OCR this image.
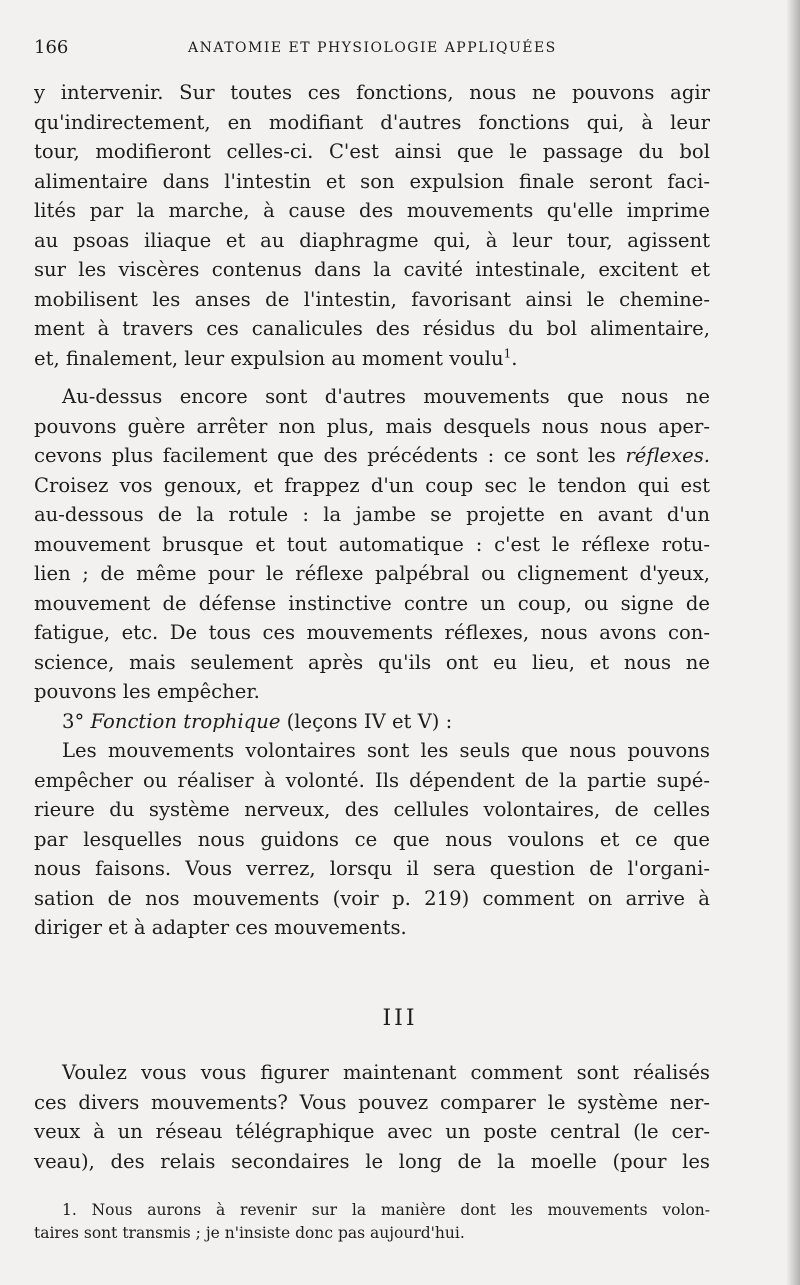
166	ANATOMIE ET PHYSIOLOGIE APPLIQUÉES
y intervenir. Sur toutes ces fonctions, nous ne pouvons agir
qu'indirectement, en modifiant d'autres fonctions qui, à leur
tour, modifieront celles-ci. C'est ainsi que le passage du bol
alimentaire dans l'intestin et son expulsion finale seront faci-
lités par la marche, à cause des mouvements qu'elle imprime
au psoas iliaque et au diaphragme qui, à leur tour, agissent
sur les viscères contenus dans la cavité intestinale, excitent et
mobilisent les anses de l'intestin, favorisant ainsi le chemine-
ment à travers ces canalicules des résidus du bol alimentaire,
et, finalement, leur expulsion au moment voulu$^1$.
Au-dessus encore sont d'autres mouvements que nous ne
pouvons guère arrêter non plus, mais desquels nous nous aper-
cevons plus facilement que des précédents : ce sont les réflexes.
Croisez vos genoux, et frappez d'un coup sec le tendon qui est
au-dessous de la rotule : la jambe se projette en avant d'un
mouvement brusque et tout automatique : c'est le réflexe rotu-
lien ; de même pour le réflexe palpébral ou clignement d'yeux,
mouvement de défense instinctive contre un coup, ou signe de
fatigue, etc. De tous ces mouvements réflexes, nous avons con-
science, mais seulement après qu'ils ont eu lieu, et nous ne
pouvons les empêcher.
3° Fonction trophique (leçons IV et V) :
Les mouvements volontaires sont les seuls que nous pouvons
empêcher ou réaliser à volonté. Ils dépendent de la partie supé-
rieure du système nerveux, des cellules volontaires, de celles
par lesquelles nous guidons ce que nous voulons et ce que
nous faisons. Vous verrez, lorsqu il sera question de l'organi-
sation de nos mouvements (voir p. 219) comment on arrive à
diriger et à adapter ces mouvements.
III
Voulez vous vous figurer maintenant comment sont réalisés
ces divers mouvements? Vous pouvez comparer le système ner-
veux à un réseau télégraphique avec un poste central (le cer-
veau), des relais secondaires le long de la moelle (pour les
1. Nous aurons à revenir sur la manière dont les mouvements volon-
taires sont transmis ; je n'insiste donc pas aujourd'hui.
